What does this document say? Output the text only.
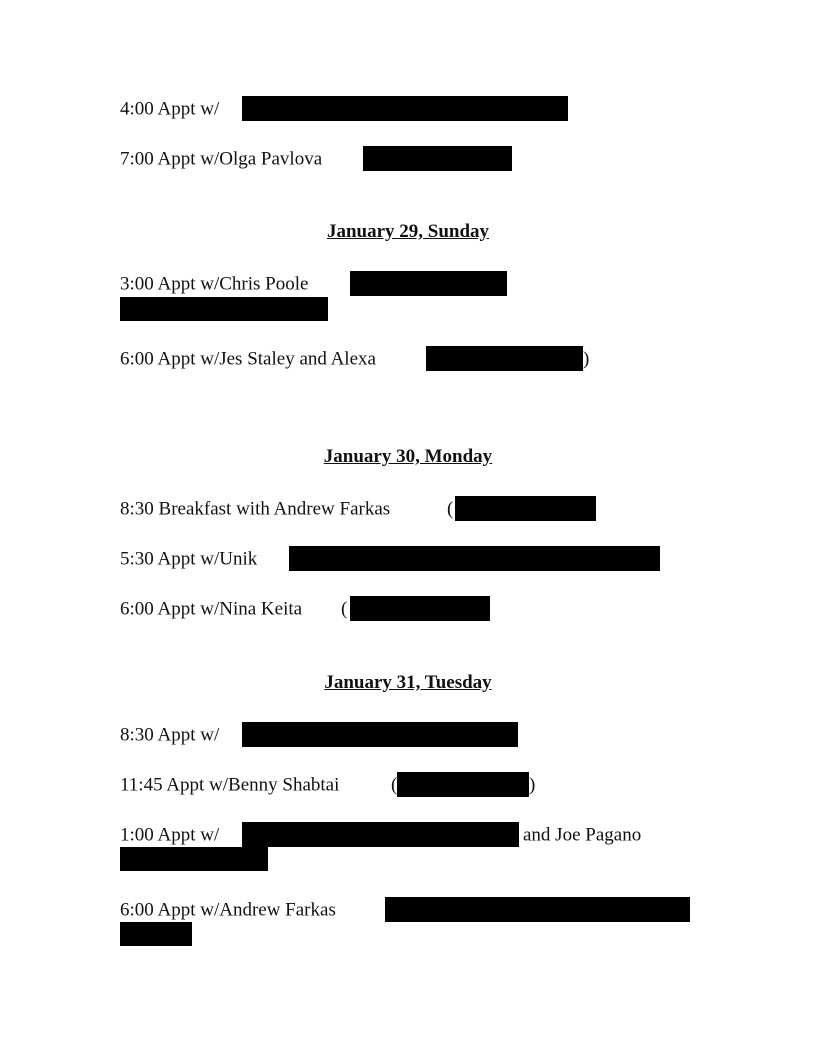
4:00 Appt w/
7:00 Appt w/Olga Pavlova
January 29, Sunday
3:00 Appt w/Chris Poole
6:00 Appt w/Jes Staley and Alexa	)
January 30, Monday
8:30 Breakfast with Andrew Farkas	(
5:30 Appt w/Unik
6:00 Appt w/Nina Keita (
January 31, Tuesday
8:30 Appt w/
11:45 Appt w/Benny Shabtai	(	)
1:00 Appt w/	and Joe Pagano
6:00 Appt w/Andrew Farkas
